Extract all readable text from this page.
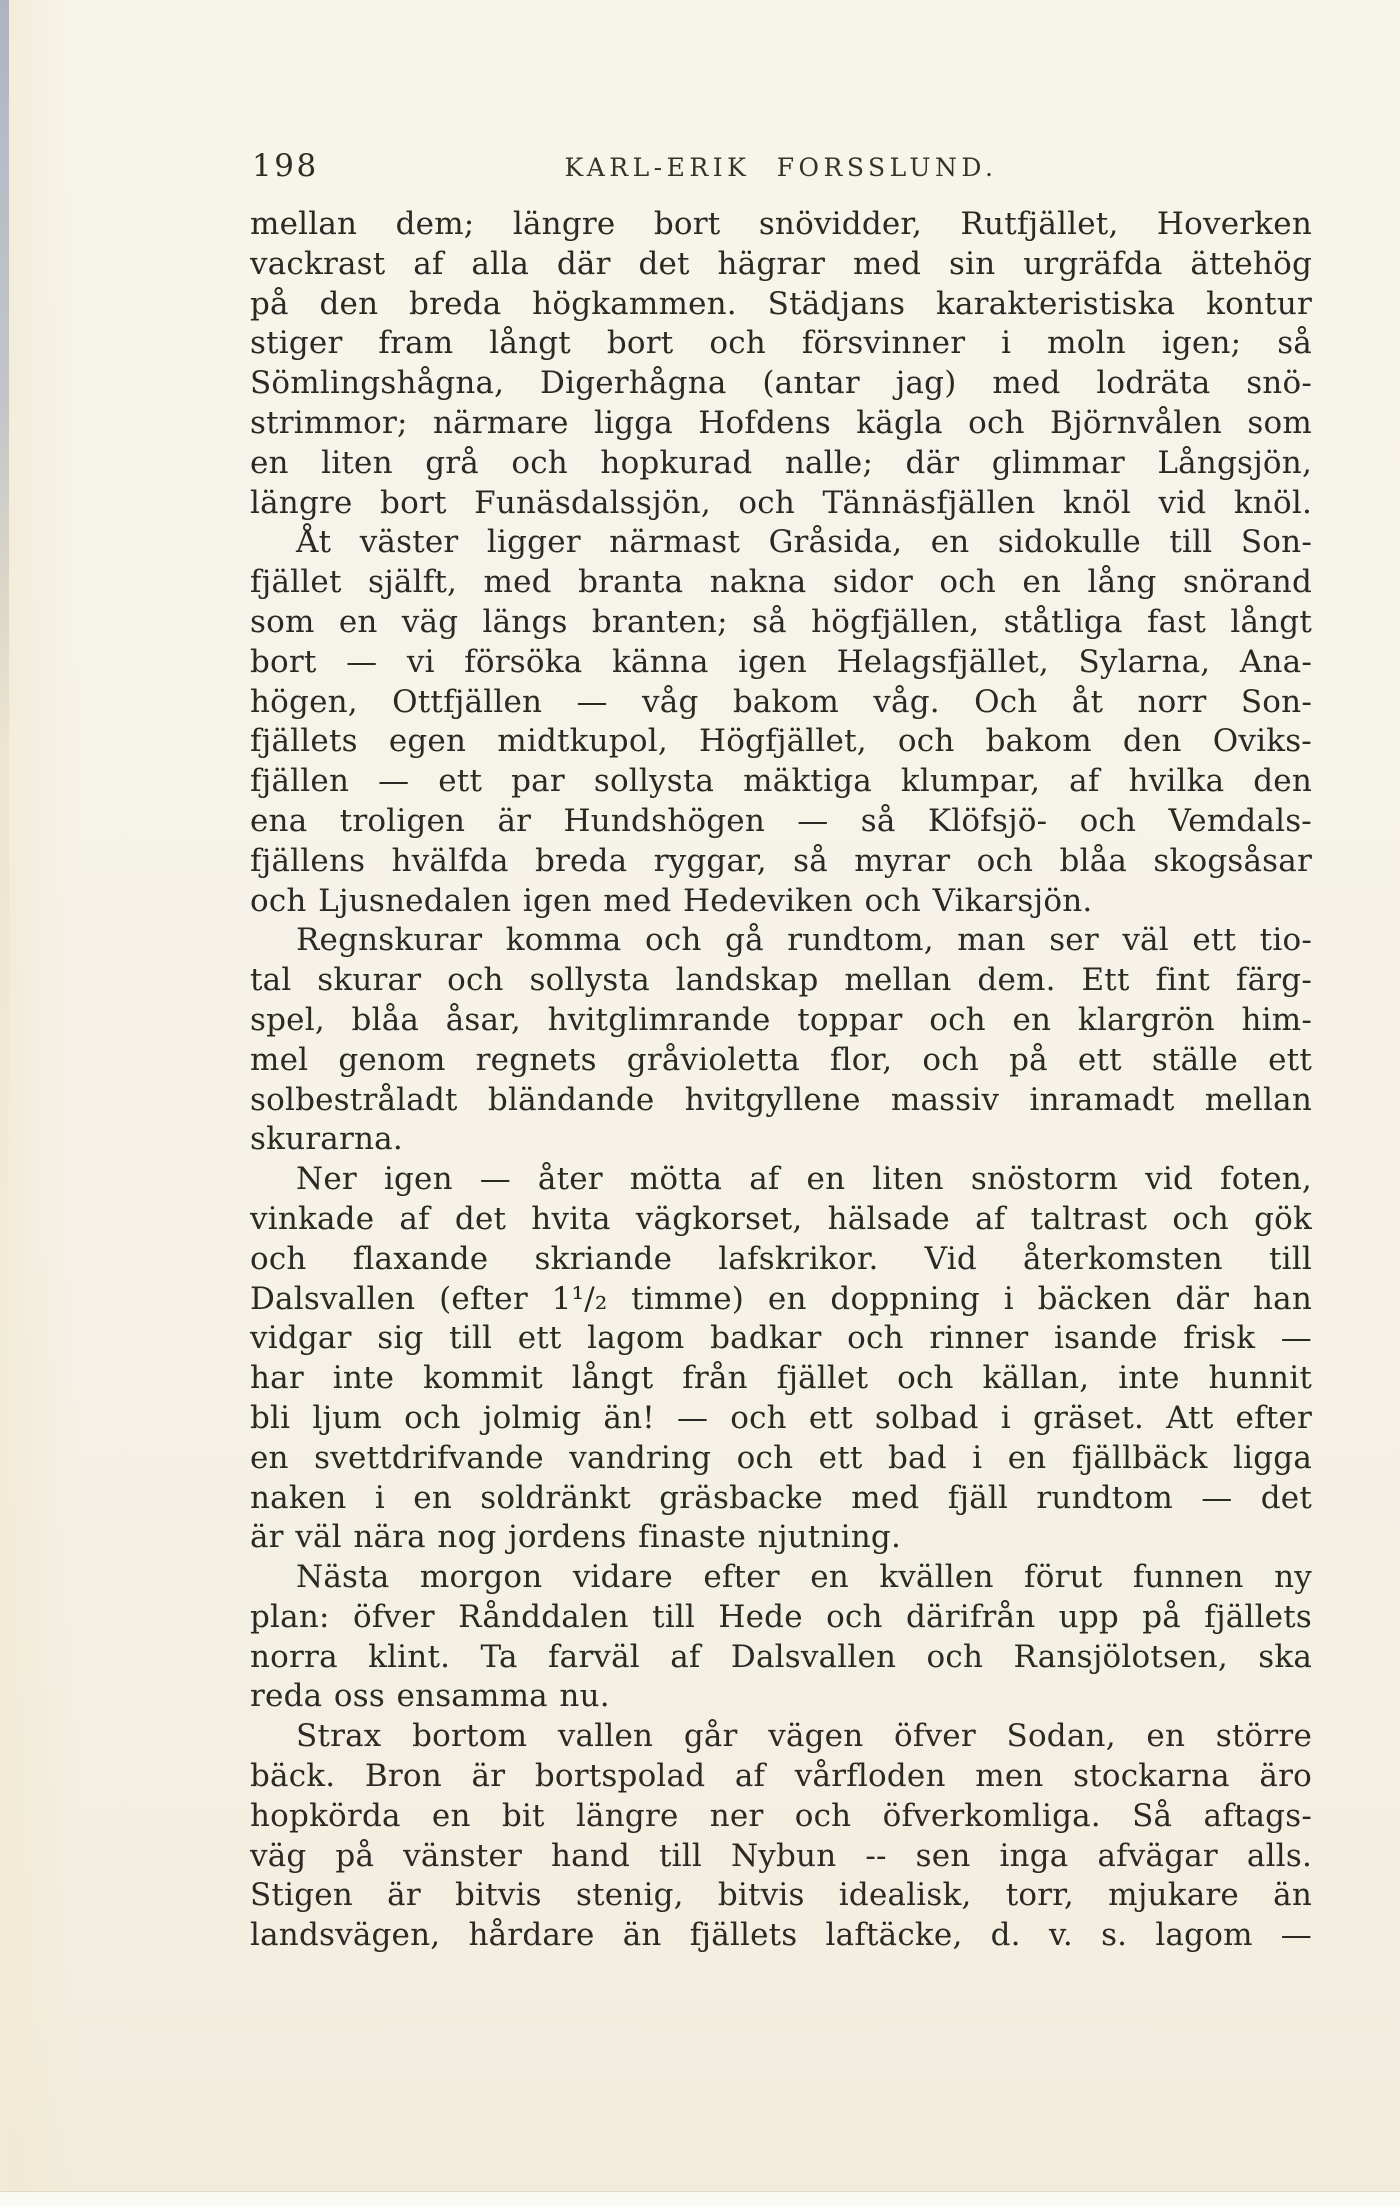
198	KARL-ERIK FORSSLUND.
mellan dem; längre bort snövidder, Rutfjället, Hoverken
vackrast af alla där det hägrar med sin urgräfda ättehög
på den breda högkammen. Städjans karakteristiska kontur
stiger fram långt bort och försvinner i moln igen; så
Sömlingshågna, Digerhågna (antar jag) med lodräta snö-
strimmor; närmare ligga Hofdens kägla och Björnvålen som
en liten grå och hopkurad nalle; där glimmar Långsjön,
längre bort Funäsdalssjön, och Tännäsfjällen knöl vid knöl.
Åt väster ligger närmast Gråsida, en sidokulle till Son-
fjället själft, med branta nakna sidor och en lång snörand
som en väg längs branten; så högfjällen, ståtliga fast långt
bort — vi försöka känna igen Helagsfjället, Sylarna, Ana-
högen, Ottfjällen — våg bakom våg. Och åt norr Son-
fjällets egen midtkupol, Högfjället, och bakom den Oviks-
fjällen — ett par sollysta mäktiga klumpar, af hvilka den
ena troligen är Hundshögen — så Klöfsjö- och Vemdals-
fjällens hvälfda breda ryggar, så myrar och blåa skogsåsar
och Ljusnedalen igen med Hedeviken och Vikarsjön.
Regnskurar komma och gå rundtom, man ser väl ett tio-
tal skurar och sollysta landskap mellan dem. Ett fint färg-
spel, blåa åsar, hvitglimrande toppar och en klargrön him-
mel genom regnets gråvioletta flor, och på ett ställe ett
solbestråladt bländande hvitgyllene massiv inramadt mellan
skurarna.
Ner igen — åter mötta af en liten snöstorm vid foten,
vinkade af det hvita vägkorset, hälsade af taltrast och gök
och flaxande skriande lafskrikor. Vid återkomsten till
Dalsvallen (efter 1¹/₂ timme) en doppning i bäcken där han
vidgar sig till ett lagom badkar och rinner isande frisk —
har inte kommit långt från fjället och källan, inte hunnit
bli ljum och jolmig än! — och ett solbad i gräset. Att efter
en svettdrifvande vandring och ett bad i en fjällbäck ligga
naken i en soldränkt gräsbacke med fjäll rundtom — det
är väl nära nog jordens finaste njutning.
Nästa morgon vidare efter en kvällen förut funnen ny
plan: öfver Rånddalen till Hede och därifrån upp på fjällets
norra klint. Ta farväl af Dalsvallen och Ransjölotsen, ska
reda oss ensamma nu.
Strax bortom vallen går vägen öfver Sodan, en större
bäck. Bron är bortspolad af vårfloden men stockarna äro
hopkörda en bit längre ner och öfverkomliga. Så aftags-
väg på vänster hand till Nybun -- sen inga afvägar alls.
Stigen är bitvis stenig, bitvis idealisk, torr, mjukare än
landsvägen, hårdare än fjällets laftäcke, d. v. s. lagom —
